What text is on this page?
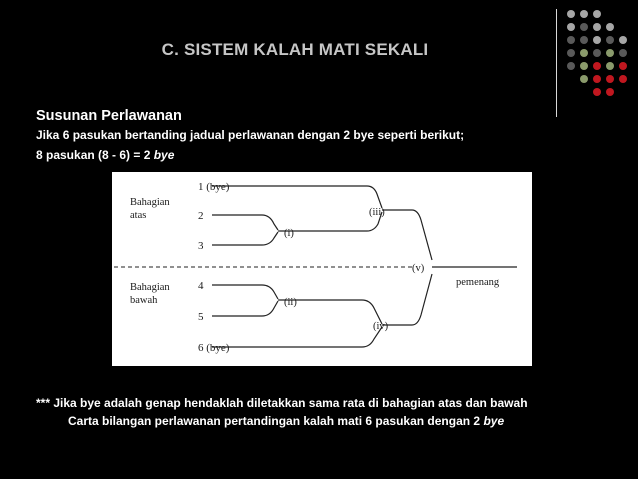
C. SISTEM KALAH MATI SEKALI
Susunan Perlawanan
Jika 6 pasukan bertanding jadual perlawanan dengan 2 bye seperti berikut;
8 pasukan (8 - 6) = 2 bye
Bahagian
atas
Bahagian
bawah
1 (bye)
2
3
4
5
6 (bye)
(i)
(ii)
(iii)
(iv)
(v)
pemenang
*** Jika bye adalah genap hendaklah diletakkan sama rata di bahagian atas dan bawah
Carta bilangan perlawanan pertandingan kalah mati 6 pasukan dengan 2 bye
